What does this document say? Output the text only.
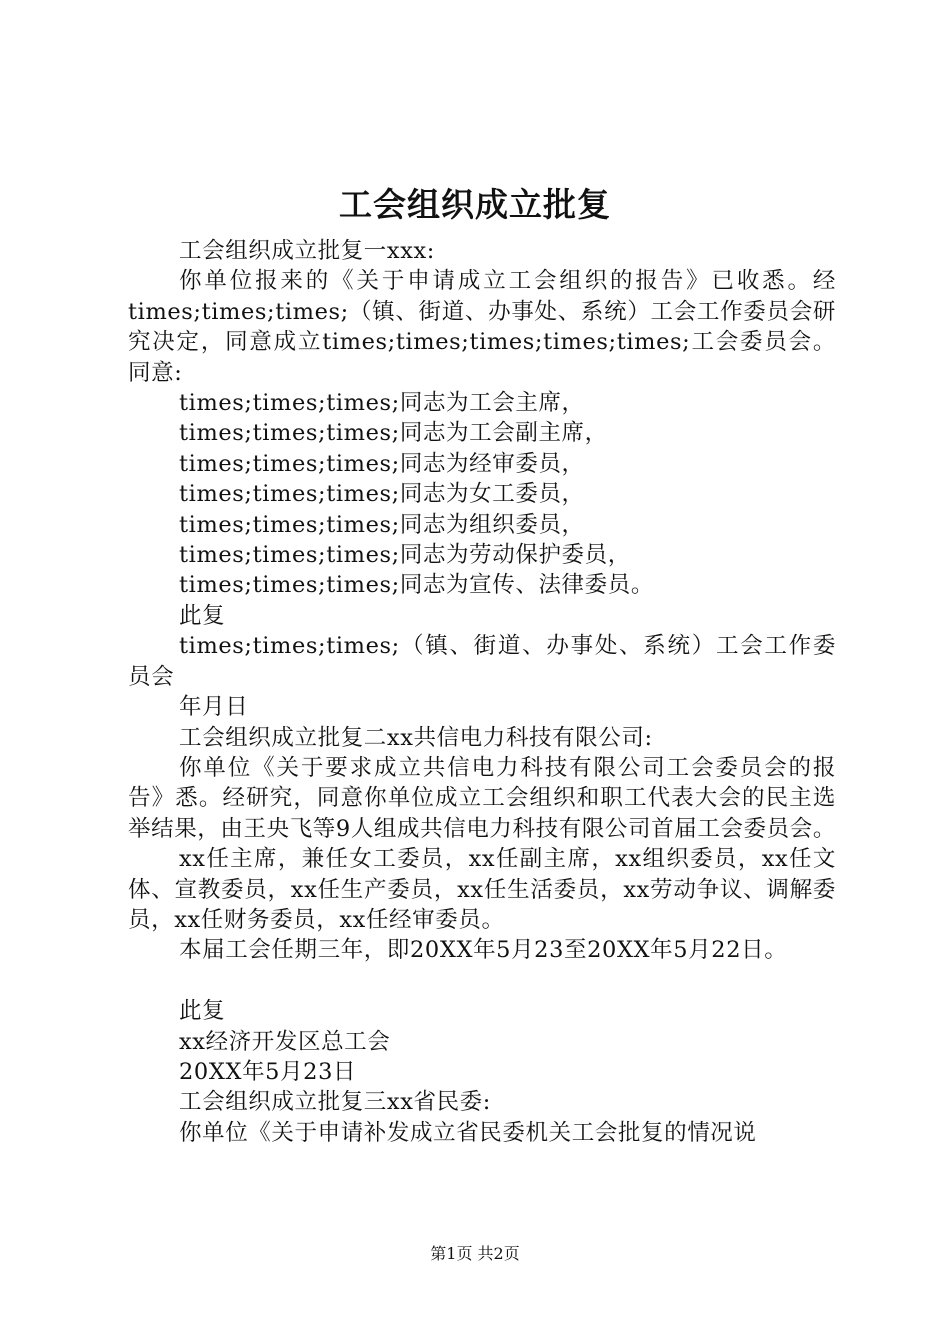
工会组织成立批复

工会组织成立批复一xxx:

你单位报来的《关于申请成立工会组织的报告》已收悉。经times;times;times;（镇、街道、办事处、系统）工会工作委员会研究决定，同意成立times;times;times;times;times;工会委员会。同意:

times;times;times;同志为工会主席，

times;times;times;同志为工会副主席，

times;times;times;同志为经审委员，

times;times;times;同志为女工委员，

times;times;times;同志为组织委员，

times;times;times;同志为劳动保护委员，

times;times;times;同志为宣传、法律委员。

此复

times;times;times;（镇、街道、办事处、系统）工会工作委员会

年月日

工会组织成立批复二xx共信电力科技有限公司:

你单位《关于要求成立共信电力科技有限公司工会委员会的报告》悉。经研究，同意你单位成立工会组织和职工代表大会的民主选举结果，由王央飞等9人组成共信电力科技有限公司首届工会委员会。

xx任主席，兼任女工委员，xx任副主席，xx组织委员，xx任文体、宣教委员，xx任生产委员，xx任生活委员，xx劳动争议、调解委员，xx任财务委员，xx任经审委员。

本届工会任期三年，即20XX年5月23至20XX年5月22日。

此复

xx经济开发区总工会

20XX年5月23日

工会组织成立批复三xx省民委:

你单位《关于申请补发成立省民委机关工会批复的情况说

第1页 共2页
